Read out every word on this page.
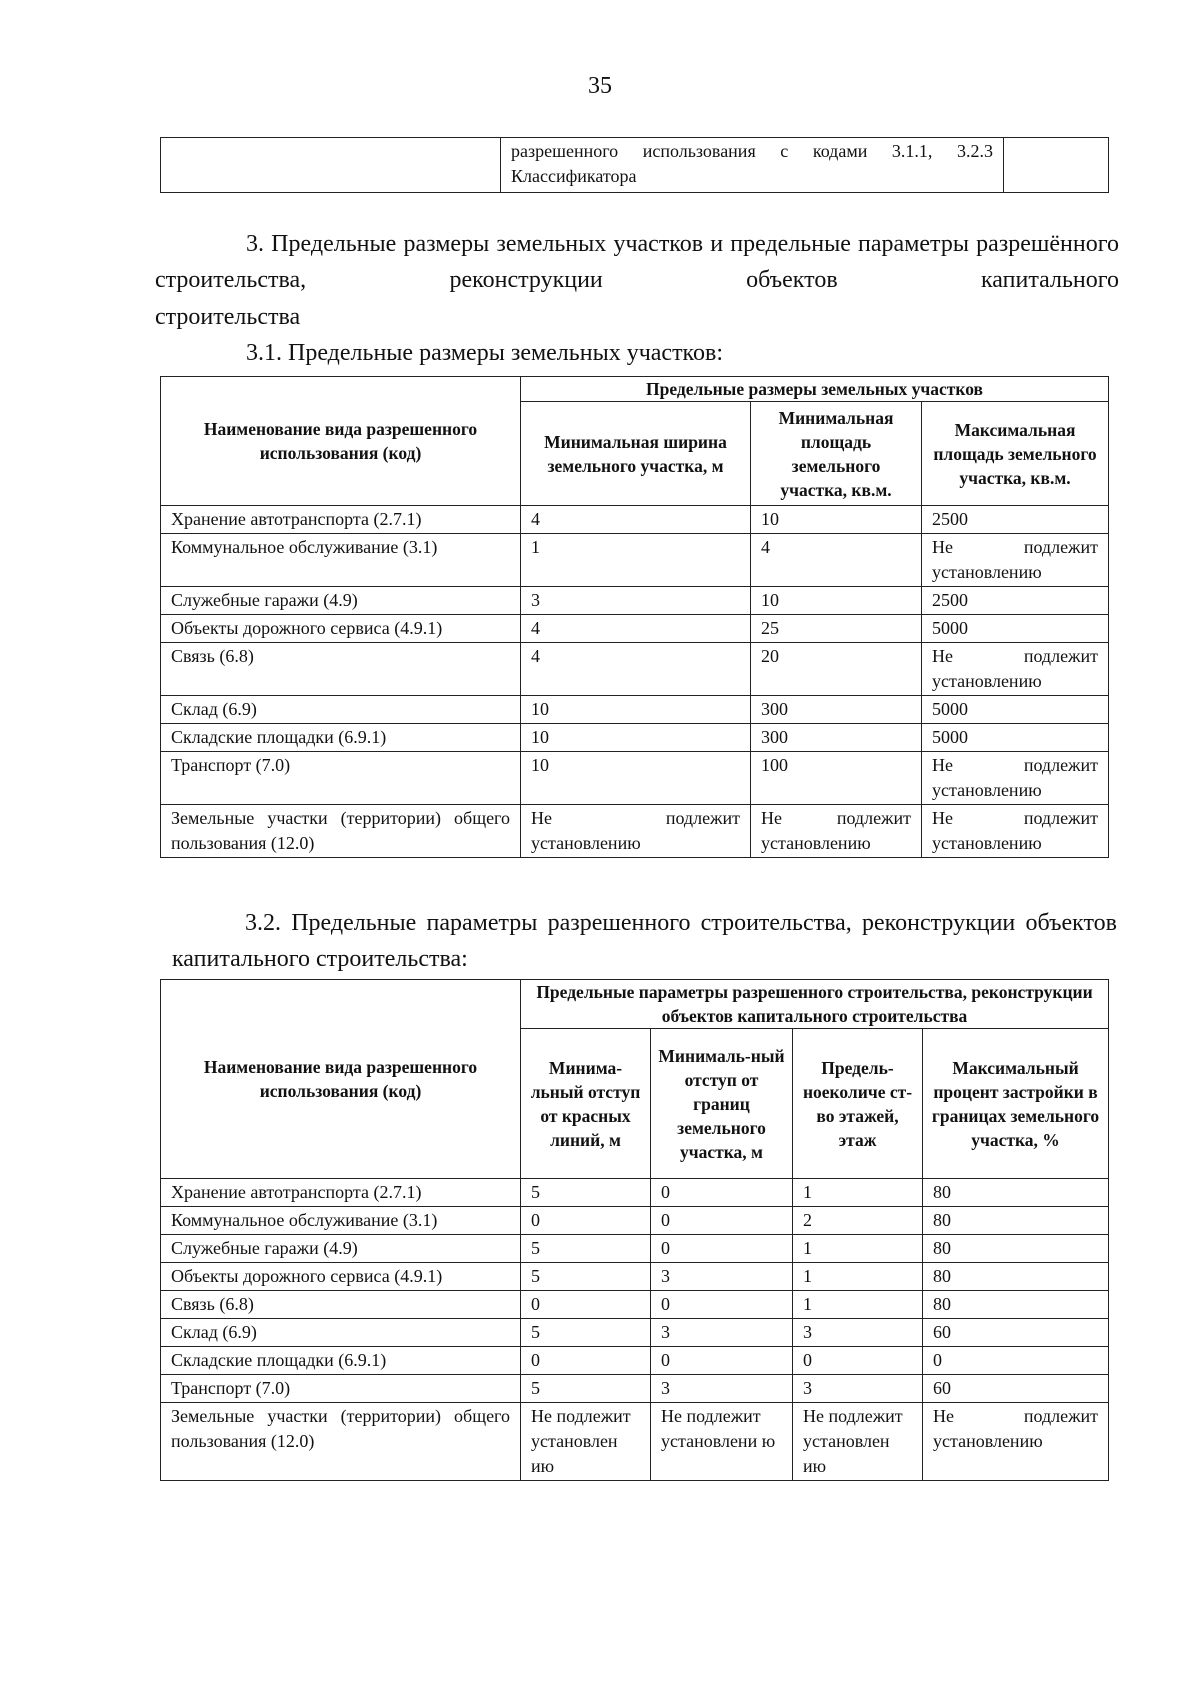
35
	разрешенного использования с кодами 3.1.1, 3.2.3 Классификатора	
3. Предельные размеры земельных участков и предельные параметры разрешённого строительства, реконструкции объектов капитального
строительства
3.1. Предельные размеры земельных участков:
Наименование вида разрешенного использования (код)	Предельные размеры земельных участков		
	Минимальная ширина земельного участка, м	Минимальная площадь земельного участка, кв.м.	Максимальная площадь земельного участка, кв.м.
Хранение автотранспорта (2.7.1)	4	10	2500
Коммунальное обслуживание (3.1)	1	4	Не подлежит установлению
Служебные гаражи (4.9)	3	10	2500
Объекты дорожного сервиса (4.9.1)	4	25	5000
Связь (6.8)	4	20	Не подлежит установлению
Склад (6.9)	10	300	5000
Складские площадки (6.9.1)	10	300	5000
Транспорт (7.0)	10	100	Не подлежит установлению
Земельные участки (территории) общего пользования (12.0)	Не подлежит установлению	Не подлежит установлению	Не подлежит установлению
3.2. Предельные параметры разрешенного строительства, реконструкции объектов капитального строительства:
Наименование вида разрешенного использования (код)	Предельные параметры разрешенного строительства, реконструкции объектов капитального строительства			
	Минима-льный отступ от красных линий, м	Минималь-ный отступ от границ земельного участка, м	Предель-ноеколиче ст-во этажей, этаж	Максимальный процент застройки в границах земельного участка, %
Хранение автотранспорта (2.7.1)	5	0	1	80
Коммунальное обслуживание (3.1)	0	0	2	80
Служебные гаражи (4.9)	5	0	1	80
Объекты дорожного сервиса (4.9.1)	5	3	1	80
Связь (6.8)	0	0	1	80
Склад (6.9)	5	3	3	60
Складские площадки (6.9.1)	0	0	0	0
Транспорт (7.0)	5	3	3	60
Земельные участки (территории) общего пользования (12.0)	Не подлежит установлен ию	Не подлежит установлени ю	Не подлежит установлен ию	Не подлежит установлению
